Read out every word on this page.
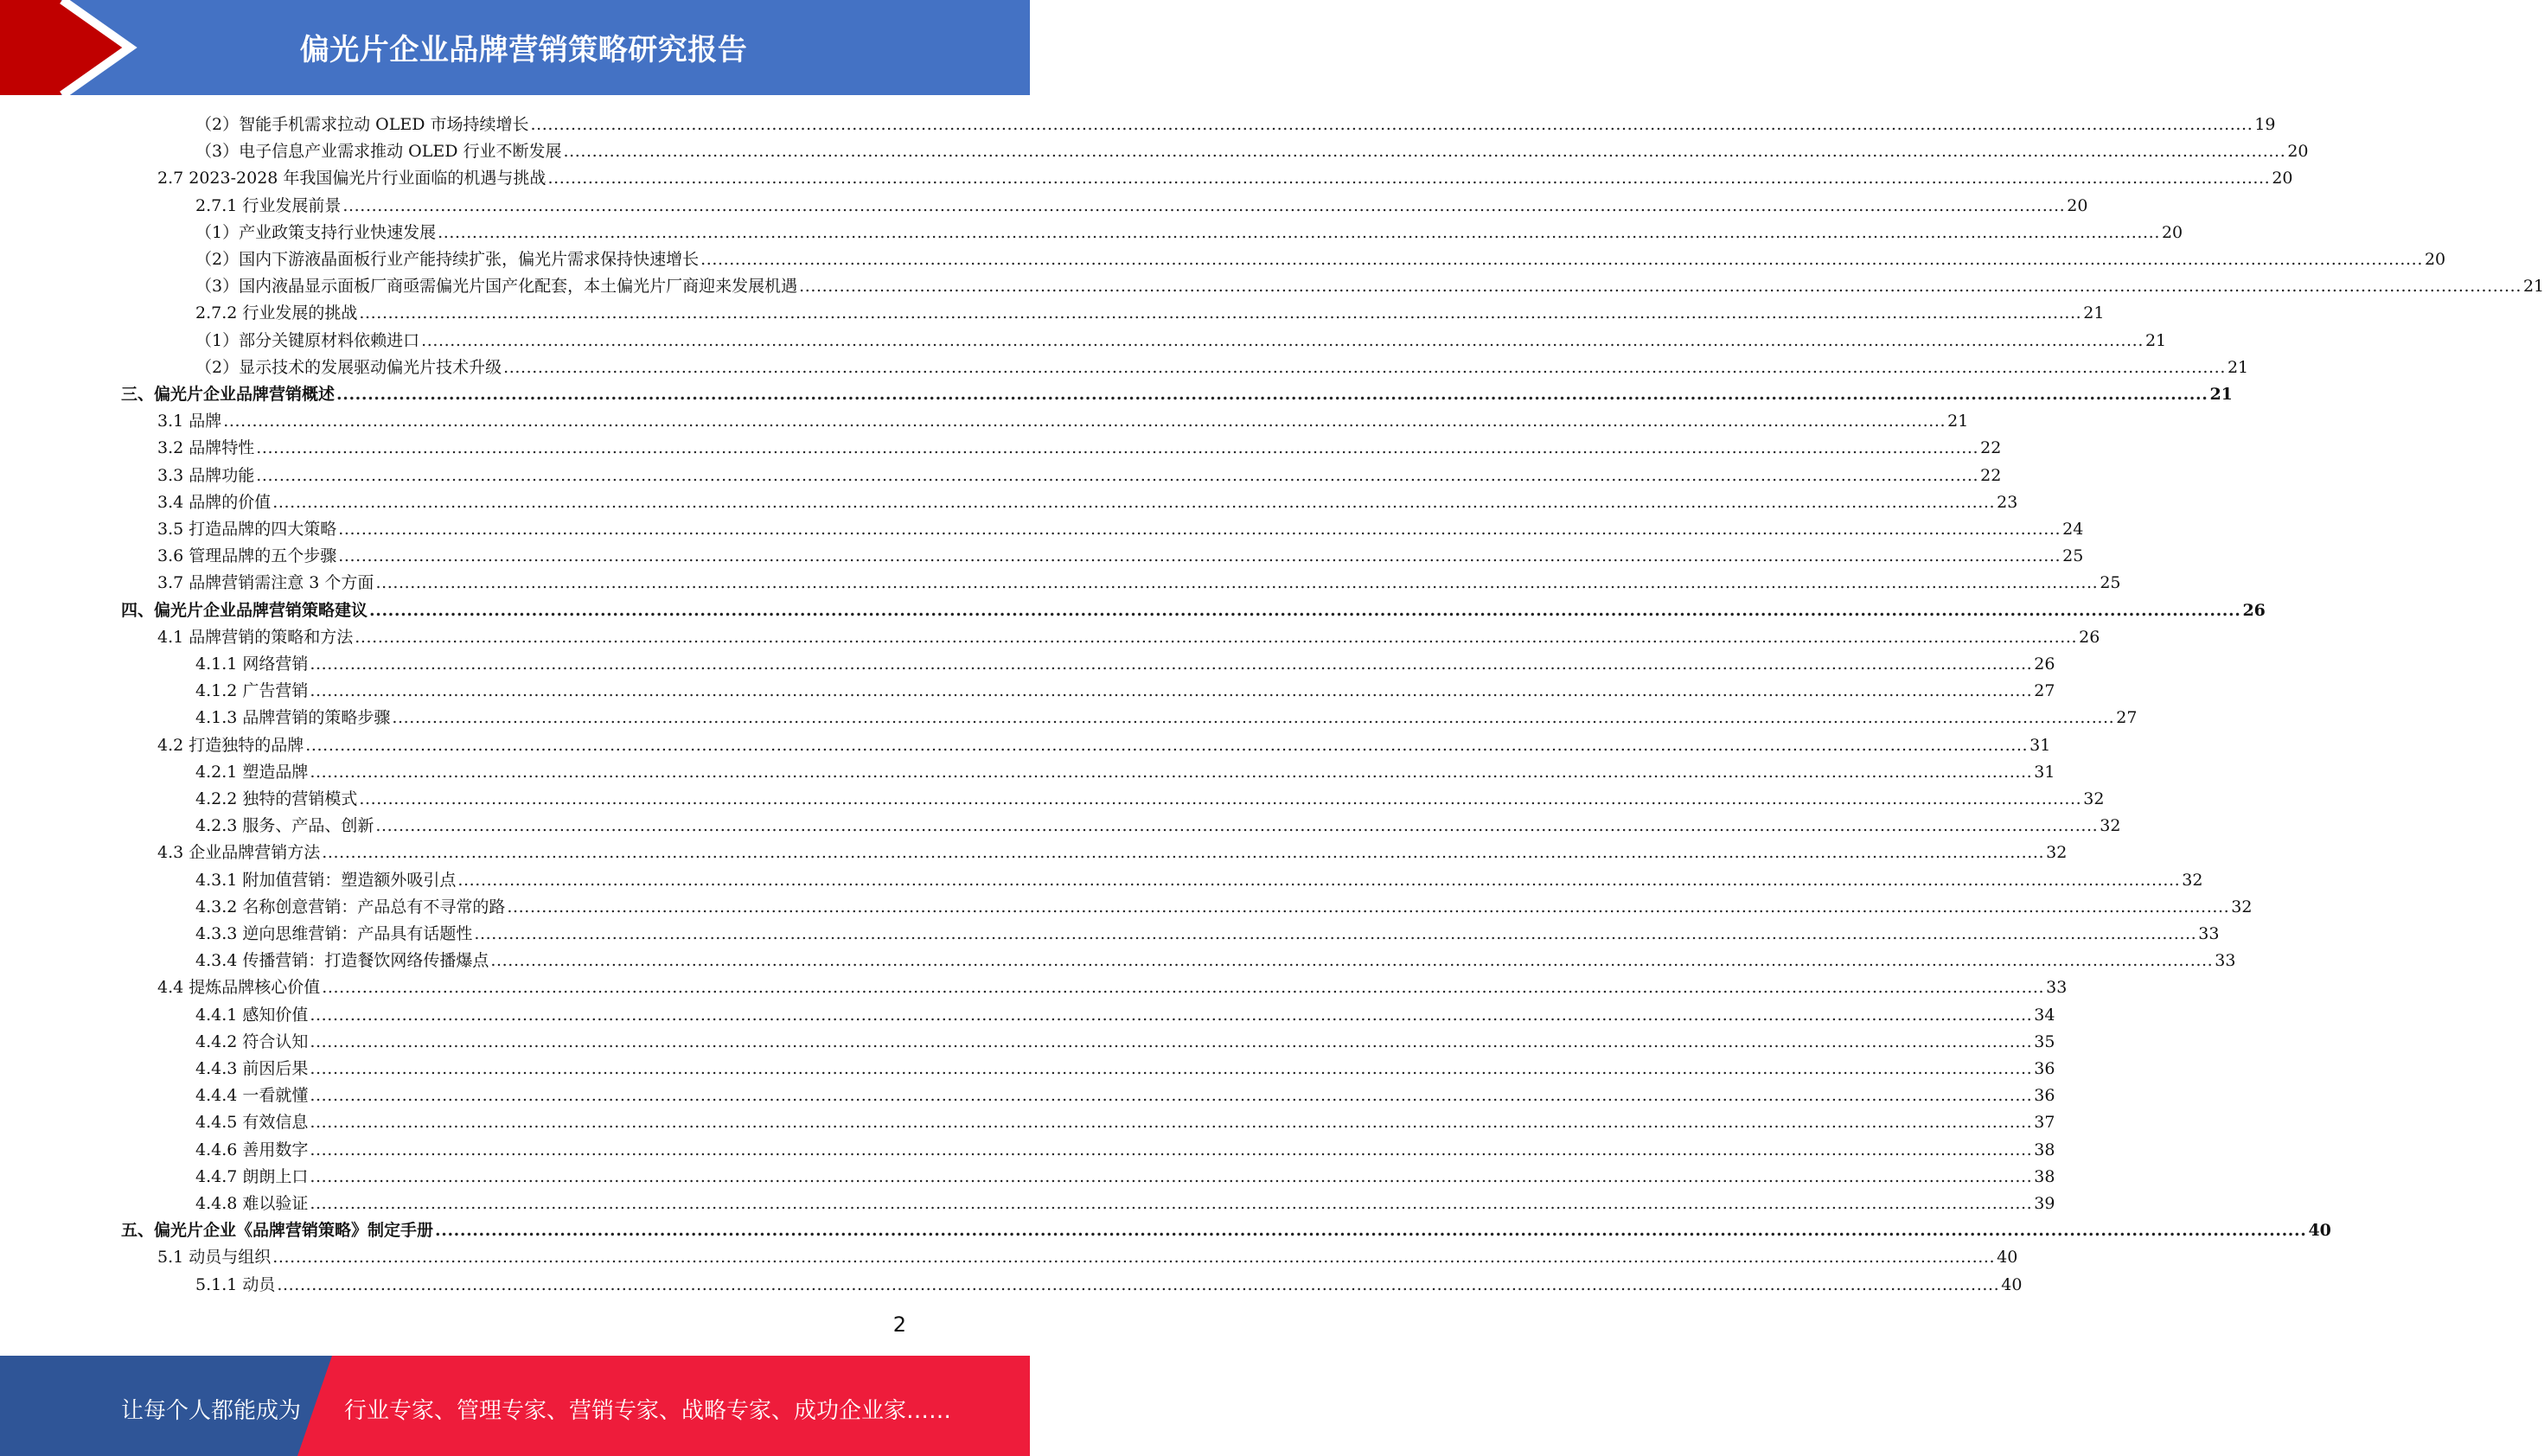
偏光片企业品牌营销策略研究报告
（2）智能手机需求拉动 OLED 市场持续增长 ............................................................................................................................................................................................................................................................................................................ 19
（3）电子信息产业需求推动 OLED 行业不断发展 ............................................................................................................................................................................................................................................................................................................ 20
2.7 2023-2028 年我国偏光片行业面临的机遇与挑战 ............................................................................................................................................................................................................................................................................................................ 20
2.7.1 行业发展前景 ............................................................................................................................................................................................................................................................................................................ 20
（1）产业政策支持行业快速发展 ............................................................................................................................................................................................................................................................................................................ 20
（2）国内下游液晶面板行业产能持续扩张，偏光片需求保持快速增长 ............................................................................................................................................................................................................................................................................................................ 20
（3）国内液晶显示面板厂商亟需偏光片国产化配套，本土偏光片厂商迎来发展机遇 ............................................................................................................................................................................................................................................................................................................ 21
2.7.2 行业发展的挑战 ............................................................................................................................................................................................................................................................................................................ 21
（1）部分关键原材料依赖进口 ............................................................................................................................................................................................................................................................................................................ 21
（2）显示技术的发展驱动偏光片技术升级 ............................................................................................................................................................................................................................................................................................................ 21
三、偏光片企业品牌营销概述 ............................................................................................................................................................................................................................................................................................................ 21
3.1 品牌 ............................................................................................................................................................................................................................................................................................................ 21
3.2 品牌特性 ............................................................................................................................................................................................................................................................................................................ 22
3.3 品牌功能 ............................................................................................................................................................................................................................................................................................................ 22
3.4 品牌的价值 ............................................................................................................................................................................................................................................................................................................ 23
3.5 打造品牌的四大策略 ............................................................................................................................................................................................................................................................................................................ 24
3.6 管理品牌的五个步骤 ............................................................................................................................................................................................................................................................................................................ 25
3.7 品牌营销需注意 3 个方面 ............................................................................................................................................................................................................................................................................................................ 25
四、偏光片企业品牌营销策略建议 ............................................................................................................................................................................................................................................................................................................ 26
4.1 品牌营销的策略和方法 ............................................................................................................................................................................................................................................................................................................ 26
4.1.1 网络营销 ............................................................................................................................................................................................................................................................................................................ 26
4.1.2 广告营销 ............................................................................................................................................................................................................................................................................................................ 27
4.1.3 品牌营销的策略步骤 ............................................................................................................................................................................................................................................................................................................ 27
4.2 打造独特的品牌 ............................................................................................................................................................................................................................................................................................................ 31
4.2.1 塑造品牌 ............................................................................................................................................................................................................................................................................................................ 31
4.2.2 独特的营销模式 ............................................................................................................................................................................................................................................................................................................ 32
4.2.3 服务、产品、创新 ............................................................................................................................................................................................................................................................................................................ 32
4.3 企业品牌营销方法 ............................................................................................................................................................................................................................................................................................................ 32
4.3.1 附加值营销：塑造额外吸引点 ............................................................................................................................................................................................................................................................................................................ 32
4.3.2 名称创意营销：产品总有不寻常的路 ............................................................................................................................................................................................................................................................................................................ 32
4.3.3 逆向思维营销：产品具有话题性 ............................................................................................................................................................................................................................................................................................................ 33
4.3.4 传播营销：打造餐饮网络传播爆点 ............................................................................................................................................................................................................................................................................................................ 33
4.4 提炼品牌核心价值 ............................................................................................................................................................................................................................................................................................................ 33
4.4.1 感知价值 ............................................................................................................................................................................................................................................................................................................ 34
4.4.2 符合认知 ............................................................................................................................................................................................................................................................................................................ 35
4.4.3 前因后果 ............................................................................................................................................................................................................................................................................................................ 36
4.4.4 一看就懂 ............................................................................................................................................................................................................................................................................................................ 36
4.4.5 有效信息 ............................................................................................................................................................................................................................................................................................................ 37
4.4.6 善用数字 ............................................................................................................................................................................................................................................................................................................ 38
4.4.7 朗朗上口 ............................................................................................................................................................................................................................................................................................................ 38
4.4.8 难以验证 ............................................................................................................................................................................................................................................................................................................ 39
五、偏光片企业《品牌营销策略》制定手册 ............................................................................................................................................................................................................................................................................................................ 40
5.1 动员与组织 ............................................................................................................................................................................................................................................................................................................ 40
5.1.1 动员 ............................................................................................................................................................................................................................................................................................................ 40
2
让每个人都能成为 行业专家、管理专家、营销专家、战略专家、成功企业家……
